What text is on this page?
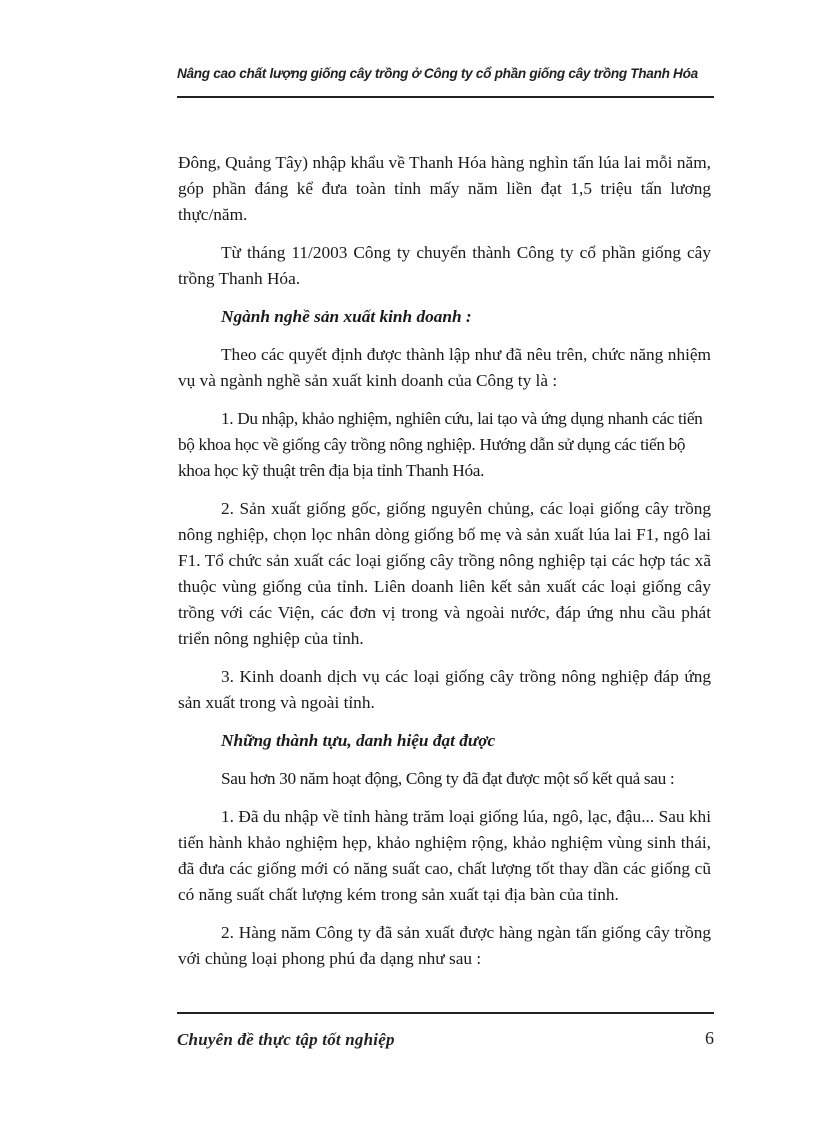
Nâng cao chất lượng giống cây trồng ở Công ty cổ phần giống cây trồng Thanh Hóa

Đông, Quảng Tây) nhập khẩu về Thanh Hóa hàng nghìn tấn lúa lai mỗi năm, góp phần đáng kể đưa toàn tỉnh mấy năm liền đạt 1,5 triệu tấn lương thực/năm.

Từ tháng 11/2003 Công ty chuyển thành Công ty cổ phần giống cây trồng Thanh Hóa.

Ngành nghề sản xuất kinh doanh :

Theo các quyết định được thành lập như đã nêu trên, chức năng nhiệm vụ và ngành nghề sản xuất kinh doanh của Công ty là :

1. Du nhập, khảo nghiệm, nghiên cứu, lai tạo và ứng dụng nhanh các tiến bộ khoa học về giống cây trồng nông nghiệp. Hướng dẫn sử dụng các tiến bộ khoa học kỹ thuật trên địa bịa tỉnh Thanh Hóa.

2. Sản xuất giống gốc, giống nguyên chủng, các loại giống cây trồng nông nghiệp, chọn lọc nhân dòng giống bố mẹ và sản xuất lúa lai F1, ngô lai F1. Tổ chức sản xuất các loại giống cây trồng nông nghiệp tại các hợp tác xã thuộc vùng giống của tỉnh. Liên doanh liên kết sản xuất các loại giống cây trồng với các Viện, các đơn vị trong và ngoài nước, đáp ứng nhu cầu phát triển nông nghiệp của tỉnh.

3. Kinh doanh dịch vụ các loại giống cây trồng nông nghiệp đáp ứng sản xuất trong và ngoài tỉnh.

Những thành tựu, danh hiệu đạt được

Sau hơn 30 năm hoạt động, Công ty đã đạt được một số kết quả sau :

1. Đã du nhập về tỉnh hàng trăm loại giống lúa, ngô, lạc, đậu... Sau khi tiến hành khảo nghiệm hẹp, khảo nghiệm rộng, khảo nghiệm vùng sinh thái, đã đưa các giống mới có năng suất cao, chất lượng tốt thay dần các giống cũ có năng suất chất lượng kém trong sản xuất tại địa bàn của tỉnh.

2. Hàng năm Công ty đã sản xuất được hàng ngàn tấn giống cây trồng với chủng loại phong phú đa dạng như sau :

Chuyên đề thực tập tốt nghiệp	6
